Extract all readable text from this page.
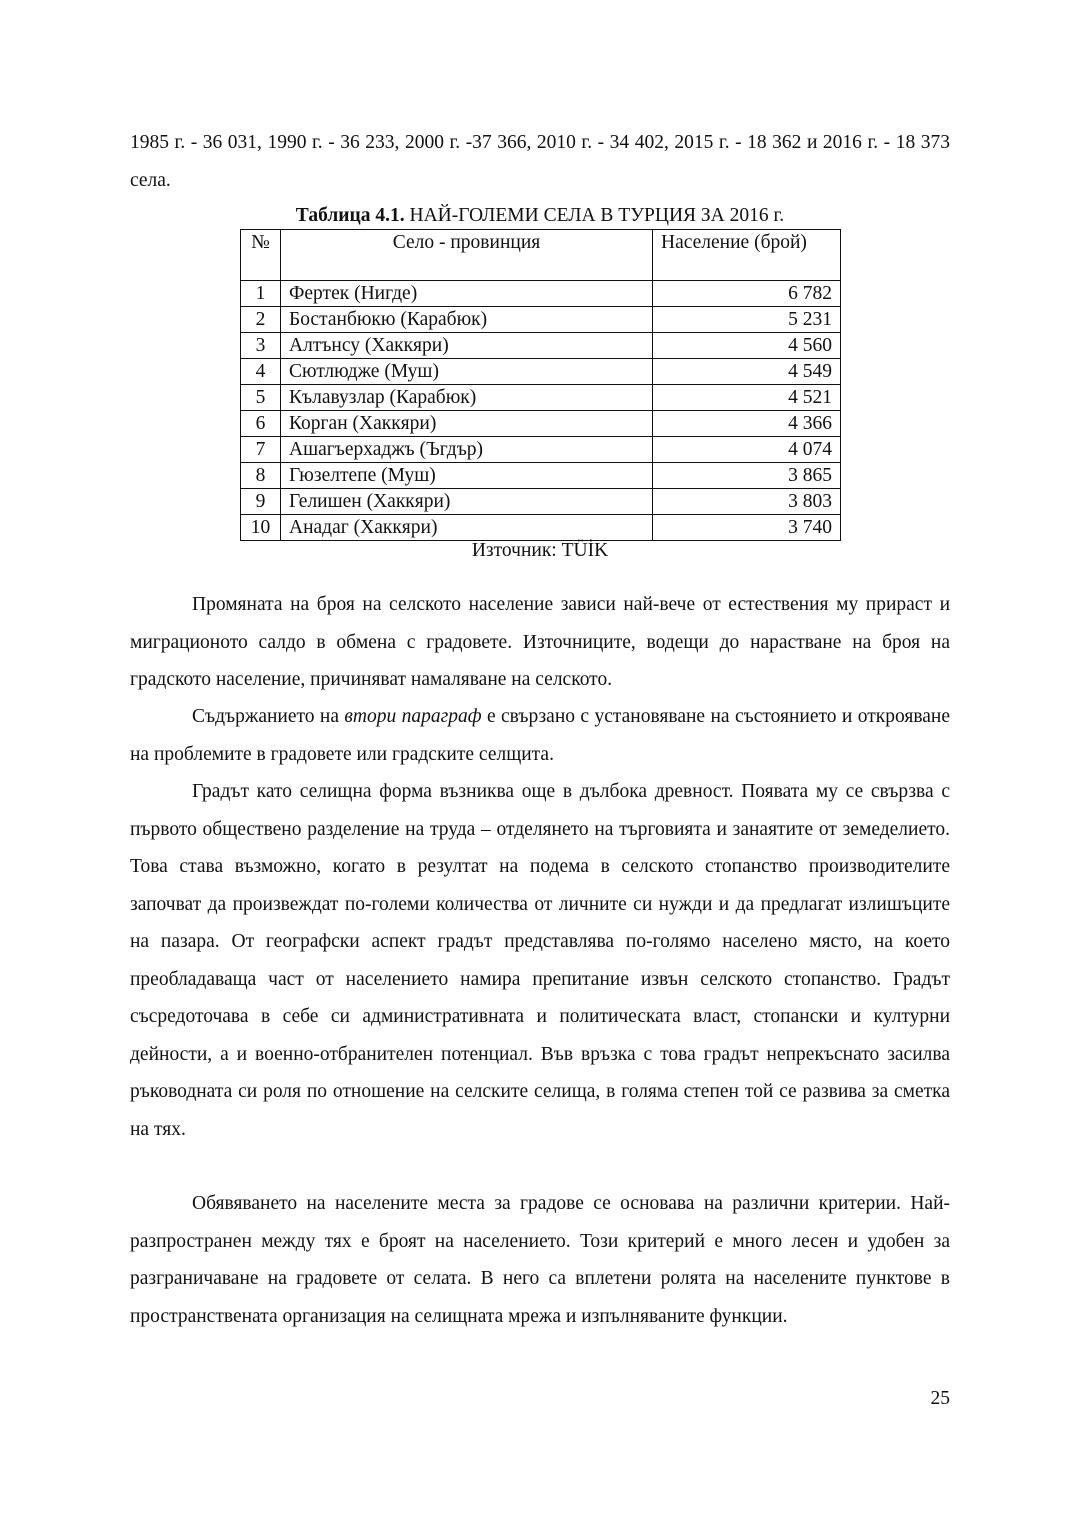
1985 г. - 36 031, 1990 г. - 36 233, 2000 г. -37 366, 2010 г. - 34 402, 2015 г. - 18 362 и 2016 г. - 18 373 села.
Таблица 4.1. НАЙ-ГОЛЕМИ СЕЛА В ТУРЦИЯ ЗА 2016 г.
№	Село - провинция	Население (брой)
1	Фертек (Нигде)	6 782
2	Бостанбюкю (Карабюк)	5 231
3	Алтънсу (Хаккяри)	4 560
4	Сютлюдже (Муш)	4 549
5	Кълавузлар (Карабюк)	4 521
6	Корган (Хаккяри)	4 366
7	Ашагъерхаджъ (Ъгдър)	4 074
8	Гюзелтепе (Муш)	3 865
9	Гелишен (Хаккяри)	3 803
10	Анадаг (Хаккяри)	3 740
Източник: TÜİK
Промяната на броя на селското население зависи най-вече от естествения му прираст и миграционото салдо в обмена с градовете. Източниците, водещи до нарастване на броя на градското население, причиняват намаляване на селското.
Съдържанието на втори параграф е свързано с установяване на състоянието и открояване на проблемите в градовете или градските селщита.
Градът като селищна форма възниква още в дълбока древност. Появата му се свързва с първото обществено разделение на труда – отделянето на търговията и занаятите от земеделието. Това става възможно, когато в резултат на подема в селското стопанство производителите започват да произвеждат по-големи количества от личните си нужди и да предлагат излишъците на пазара. От географски аспект градът представлява по-голямо населено място, на което преобладаваща част от населението намира препитание извън селското стопанство. Градът съсредоточава в себе си административната и политическата власт, стопански и културни дейности, а и военно-отбранителен потенциал. Във връзка с това градът непрекъснато засилва ръководната си роля по отношение на селските селища, в голяма степен той се развива за сметка на тях.
Обявяването на населените места за градове се основава на различни критерии. Най-разпространен между тях е броят на населението. Този критерий е много лесен и удобен за разграничаване на градовете от селата. В него са вплетени ролята на населените пунктове в пространствената организация на селищната мрежа и изпълняваните функции.
25
